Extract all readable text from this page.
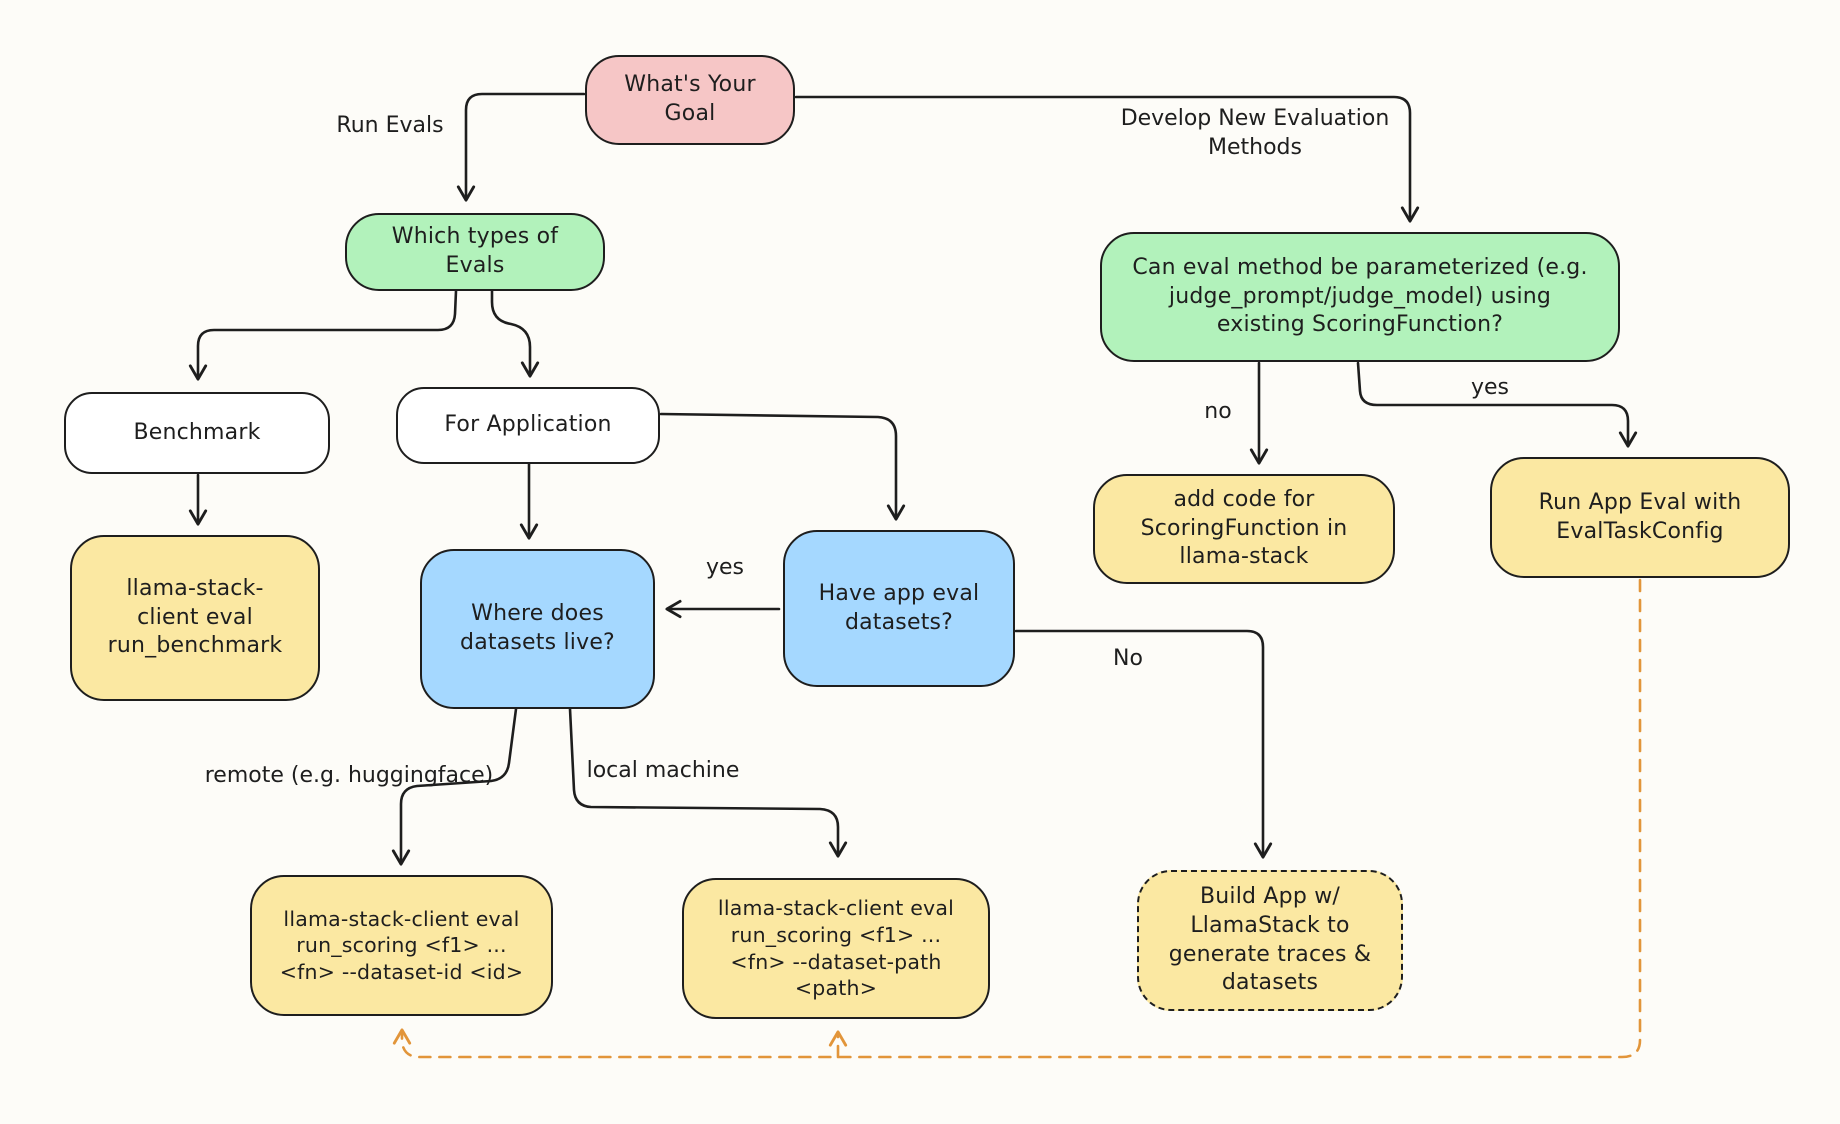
What's Your Goal
Which types of Evals	Can eval method be parameterized (e.g. judge_prompt/judge_model) using existing ScoringFunction?
Benchmark	For Application
llama-stack-client eval run_benchmark
Where does datasets live?
Have app eval datasets?
add code for ScoringFunction in llama-stack
Run App Eval with EvalTaskConfig
llama-stack-client eval run_scoring <f1> ... <fn> --dataset-id <id>
llama-stack-client eval run_scoring <f1> ... <fn> --dataset-path <path>
Build App w/ LlamaStack to generate traces & datasets
Run Evals	Develop New Evaluation Methods
no
yes
yes
No
remote (e.g. huggingface)	local machine
